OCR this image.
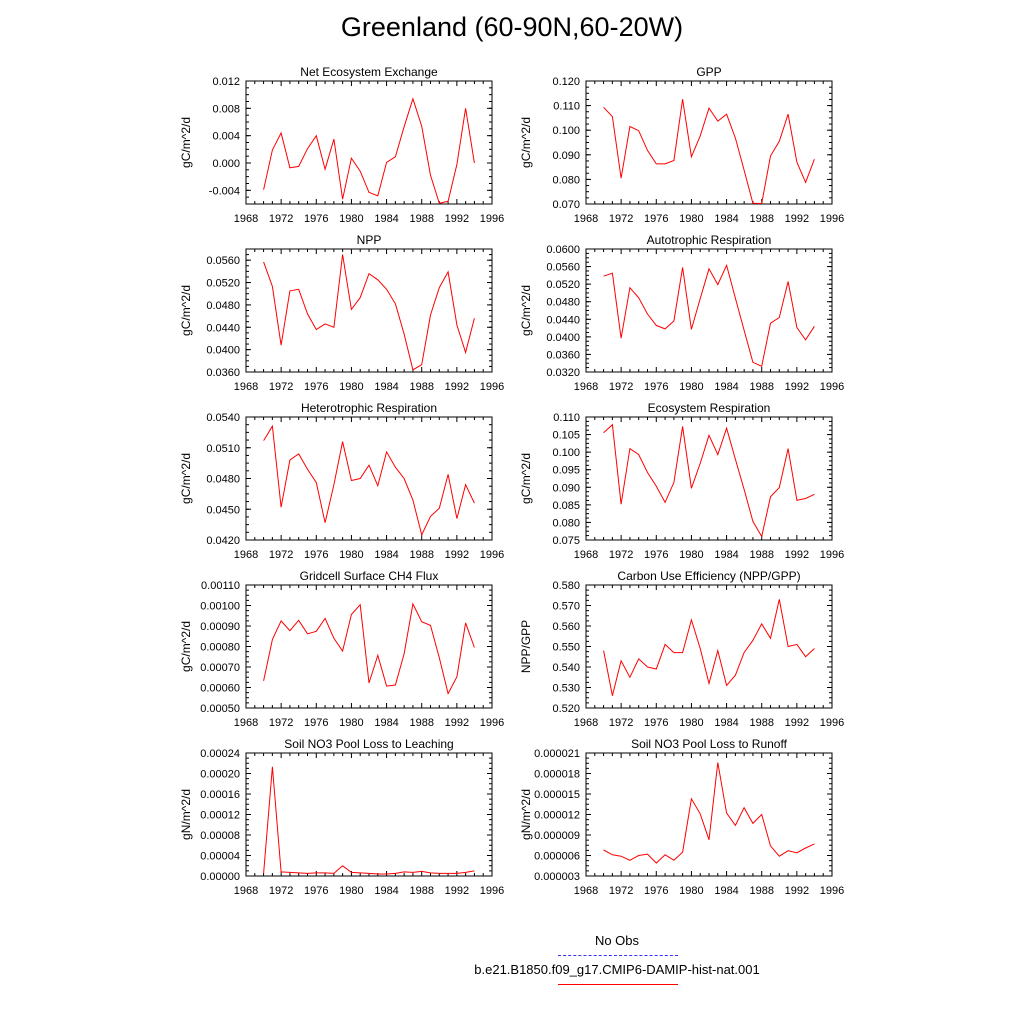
Greenland (60-90N,60-20W)
Net Ecosystem Exchange
gC/m^2/d
1968 1972 1976 1980 1984 1988 1992 1996
-0.004
0.000
0.004
0.008
0.012
GPP
gC/m^2/d
1968 1972 1976 1980 1984 1988 1992 1996
0.070
0.080
0.090
0.100
0.110
0.120
NPP
gC/m^2/d
1968 1972 1976 1980 1984 1988 1992 1996
0.0360
0.0400
0.0440
0.0480
0.0520
0.0560
Autotrophic Respiration
gC/m^2/d
1968 1972 1976 1980 1984 1988 1992 1996
0.0320
0.0360
0.0400
0.0440
0.0480
0.0520
0.0560
0.0600
Heterotrophic Respiration
gC/m^2/d
1968 1972 1976 1980 1984 1988 1992 1996
0.0420
0.0450
0.0480
0.0510
0.0540
Ecosystem Respiration
gC/m^2/d
1968 1972 1976 1980 1984 1988 1992 1996
0.075
0.080
0.085
0.090
0.095
0.100
0.105
0.110
Gridcell Surface CH4 Flux
gC/m^2/d
1968 1972 1976 1980 1984 1988 1992 1996
0.00050
0.00060
0.00070
0.00080
0.00090
0.00100
0.00110
Carbon Use Efficiency (NPP/GPP)
NPP/GPP
1968 1972 1976 1980 1984 1988 1992 1996
0.520
0.530
0.540
0.550
0.560
0.570
0.580
Soil NO3 Pool Loss to Leaching
gN/m^2/d
1968 1972 1976 1980 1984 1988 1992 1996
0.00000
0.00004
0.00008
0.00012
0.00016
0.00020
0.00024
Soil NO3 Pool Loss to Runoff
gN/m^2/d
1968 1972 1976 1980 1984 1988 1992 1996
0.000003
0.000006
0.000009
0.000012
0.000015
0.000018
0.000021
No Obs
b.e21.B1850.f09_g17.CMIP6-DAMIP-hist-nat.001
